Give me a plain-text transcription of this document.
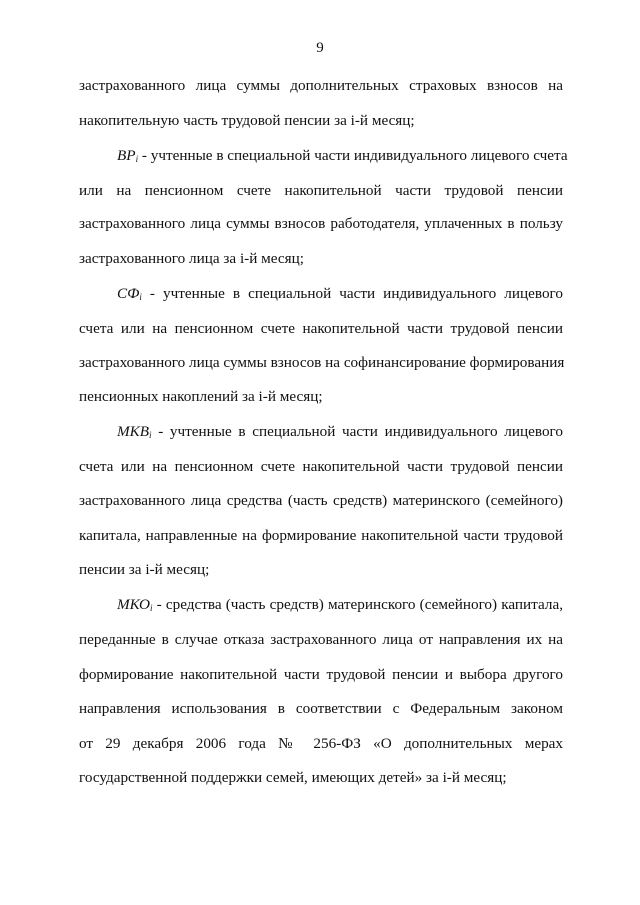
9
застрахованного лица суммы дополнительных страховых взносов на
накопительную часть трудовой пенсии за i-й месяц;
$BP_i$ - учтенные в специальной части индивидуального лицевого счета
или на пенсионном счете накопительной части трудовой пенсии
застрахованного лица суммы взносов работодателя, уплаченных в пользу
застрахованного лица за i-й месяц;
$СФ_i$ - учтенные в специальной части индивидуального лицевого
счета или на пенсионном счете накопительной части трудовой пенсии
застрахованного лица суммы взносов на софинансирование формирования
пенсионных накоплений за i-й месяц;
$МКВ_i$ - учтенные в специальной части индивидуального лицевого
счета или на пенсионном счете накопительной части трудовой пенсии
застрахованного лица средства (часть средств) материнского (семейного)
капитала, направленные на формирование накопительной части трудовой
пенсии за i-й месяц;
$МКО_i$ - средства (часть средств) материнского (семейного) капитала,
переданные в случае отказа застрахованного лица от направления их на
формирование накопительной части трудовой пенсии и выбора другого
направления использования в соответствии с Федеральным законом
от 29 декабря 2006 года № 256-ФЗ «О дополнительных мерах
государственной поддержки семей, имеющих детей» за i-й месяц;
